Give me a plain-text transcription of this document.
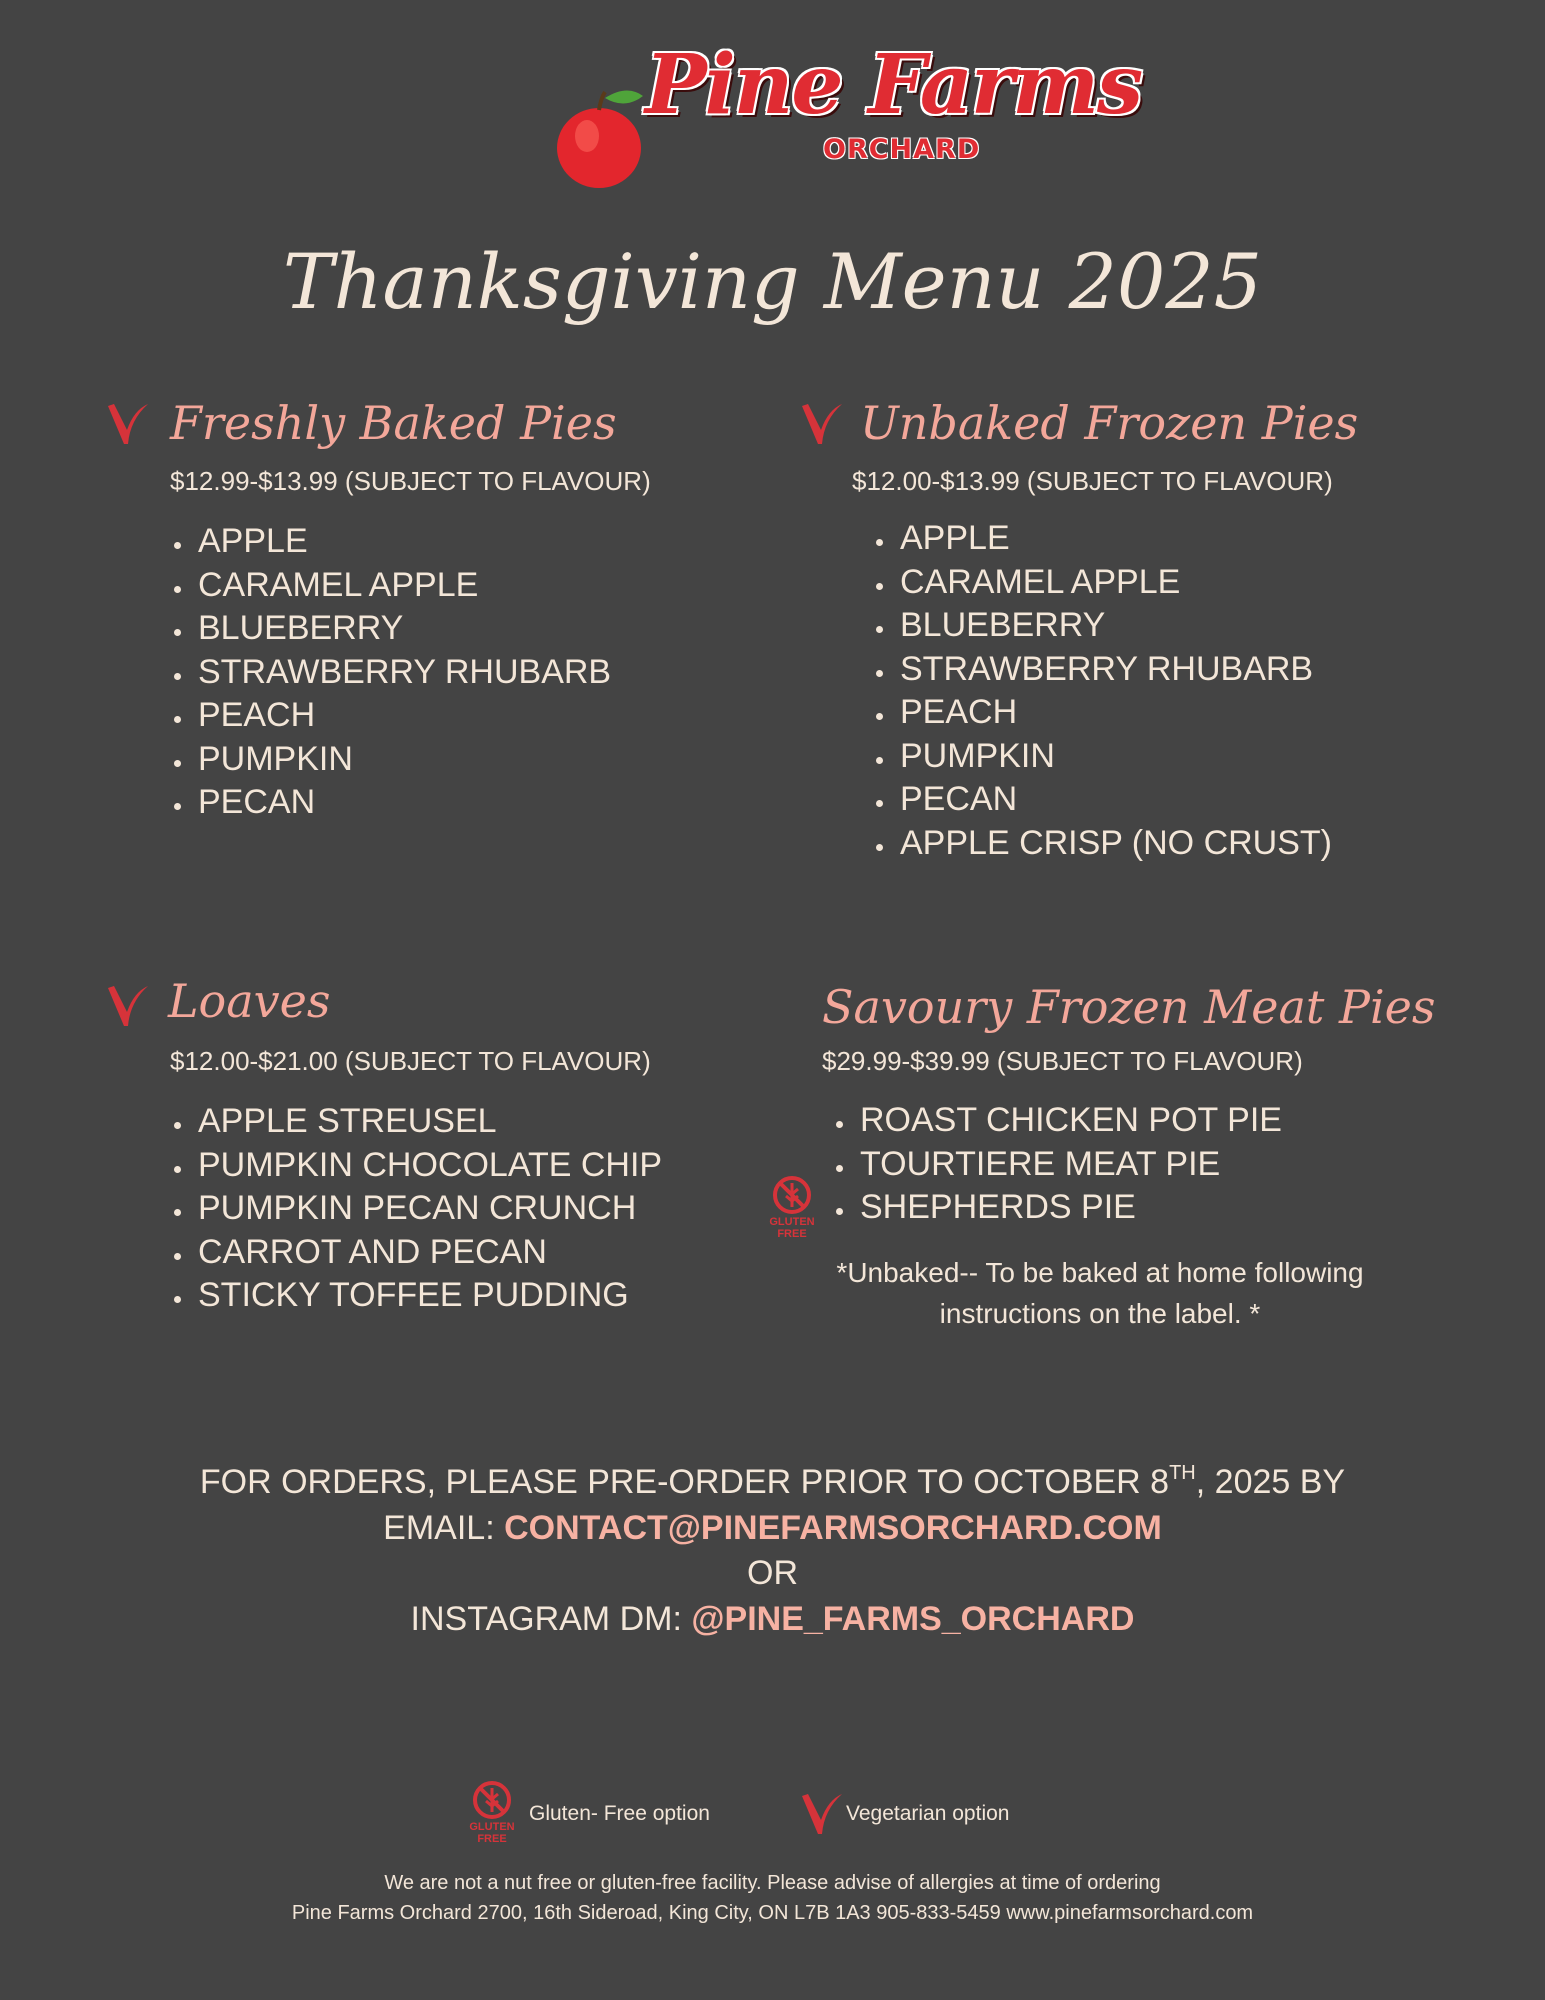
Pine Farms
ORCHARD
Thanksgiving Menu 2025
Freshly Baked Pies
$12.99-$13.99 (SUBJECT TO FLAVOUR)
• APPLE
• CARAMEL APPLE
• BLUEBERRY
• STRAWBERRY RHUBARB
• PEACH
• PUMPKIN
• PECAN
Unbaked Frozen Pies
$12.00-$13.99 (SUBJECT TO FLAVOUR)
• APPLE
• CARAMEL APPLE
• BLUEBERRY
• STRAWBERRY RHUBARB
• PEACH
• PUMPKIN
• PECAN
• APPLE CRISP (NO CRUST)
Loaves
$12.00-$21.00 (SUBJECT TO FLAVOUR)
• APPLE STREUSEL
• PUMPKIN CHOCOLATE CHIP
• PUMPKIN PECAN CRUNCH
• CARROT AND PECAN
• STICKY TOFFEE PUDDING
Savoury Frozen Meat Pies
$29.99-$39.99 (SUBJECT TO FLAVOUR)
• ROAST CHICKEN POT PIE
• TOURTIERE MEAT PIE
• SHEPHERDS PIE
GLUTEN
FREE
*Unbaked-- To be baked at home following
instructions on the label. *
FOR ORDERS, PLEASE PRE-ORDER PRIOR TO OCTOBER 8TH, 2025 BY
EMAIL: CONTACT@PINEFARMSORCHARD.COM
OR
INSTAGRAM DM: @PINE_FARMS_ORCHARD
GLUTEN
FREE
Gluten- Free option	Vegetarian option
We are not a nut free or gluten-free facility. Please advise of allergies at time of ordering
Pine Farms Orchard 2700, 16th Sideroad, King City, ON L7B 1A3 905-833-5459 www.pinefarmsorchard.com
